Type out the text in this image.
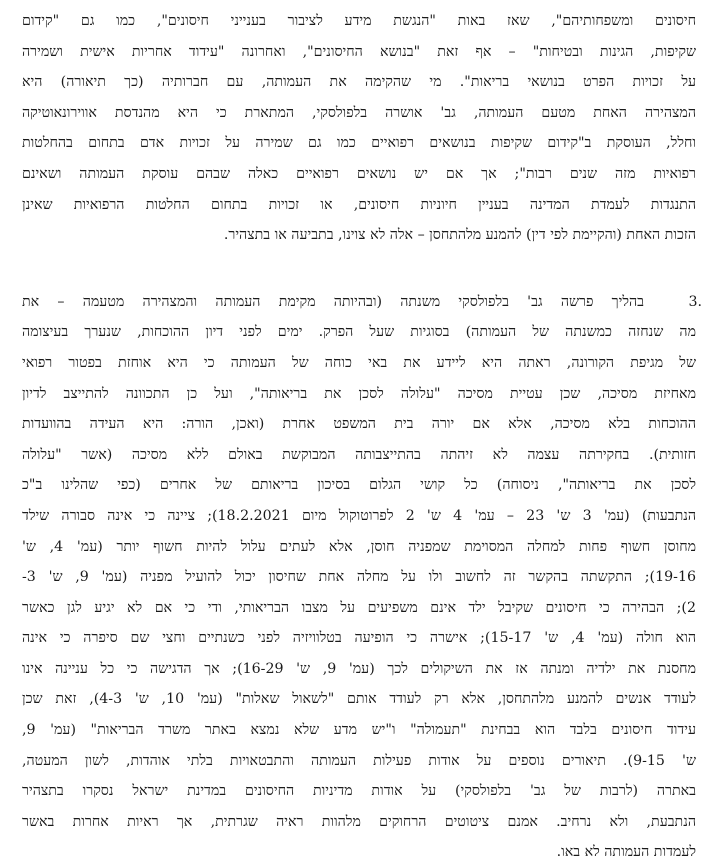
חיסונים ומשפחותיהם", שאז באות "הנגשת מידע לציבור בענייני חיסונים", כמו גם "קידום
שקיפות, הגינות ובטיחות" – אף זאת "בנושא החיסונים", ואחרונה "עידוד אחריות אישית ושמירה
על זכויות הפרט בנושאי בריאות". מי שהקימה את העמותה, עם חברותיה (כך תיאורה) היא
המצהירה האחת מטעם העמותה, גב' אושרה בלפולסקי, המתארת כי היא מהנדסת אווירונאוטיקה
וחלל, העוסקת ב"קידום שקיפות בנושאים רפואיים כמו גם שמירה על זכויות אדם בתחום בהחלטות
רפואיות מזה שנים רבות"; אך אם יש נושאים רפואיים כאלה שבהם עוסקת העמותה ושאינם
התנגדות לעמדת המדינה בעניין חיוניות חיסונים, או זכויות בתחום החלטות הרפואיות שאינן
הזכות האחת (והקיימת לפי דין) להמנע מלהתחסן – אלה לא צוינו, בתביעה או בתצהיר.
3.
בהליך פרשה גב' בלפולסקי משנתה (ובהיותה מקימת העמותה והמצהירה מטעמה – את
מה שנחזה כמשנתה של העמותה) בסוגיות שעל הפרק. ימים לפני דיון ההוכחות, שנערך בעיצומה
של מגיפת הקורונה, ראתה היא ליידע את באי כוחה של העמותה כי היא אוחזת בפטור רפואי
מאחיזת מסיכה, שכן עטיית מסיכה "עלולה לסכן את בריאותה", ועל כן התכוונה להתייצב לדיון
ההוכחות בלא מסיכה, אלא אם יורה בית המשפט אחרת (ואכן, הורה: היא העידה בהוועדות
חזותית). בחקירתה עצמה לא זיהתה בהתייצבותה המבוקשת באולם ללא מסיכה (אשר "עלולה
לסכן את בריאותה", ניסוחה) כל קושי הגלום בסיכון בריאותם של אחרים (כפי שהלינו ב"כ
הנתבעות) (עמ' 3 ש' 23 – עמ' 4 ש' 2 לפרוטוקול מיום 18.2.2021); ציינה כי אינה סבורה שילד
מחוסן חשוף פחות למחלה המסוימת שמפניה חוסן, אלא לעתים עלול להיות חשוף יותר (עמ' 4, ש'
19-16); התקשתה בהקשר זה לחשוב ולו על מחלה אחת שחיסון יכול להועיל מפניה (עמ' 9, ש' 3-
2); הבהירה כי חיסונים שקיבל ילד אינם משפיעים על מצבו הבריאותי, ודי כי אם לא יגיע לגן כאשר
הוא חולה (עמ' 4, ש' 15-17); אישרה כי הופיעה בטלוויזיה לפני כשנתיים וחצי שם סיפרה כי אינה
מחסנת את ילדיה ומנתה אז את השיקולים לכך (עמ' 9, ש' 16-29); אך הדגישה כי כל עניינה אינו
לעודד אנשים להמנע מלהתחסן, אלא רק לעודד אותם "לשאול שאלות" (עמ' 10, ש' 4-3), זאת שכן
עידוד חיסונים בלבד הוא בבחינת "תעמולה" ו"יש מדע שלא נמצא באתר משרד הבריאות" (עמ' 9,
ש' 9-15). תיאורים נוספים על אודות פעילות העמותה והתבטאויות בלתי אוהדות, לשון המעטה,
באתרה (לרבות של גב' בלפולסקי) על אודות מדיניות החיסונים במדינת ישראל נסקרו בתצהיר
הנתבעת, ולא נרחיב. אמנם ציטוטים הרחוקים מלהוות ראיה שגרתית, אך ראיות אחרות באשר
לעמדות העמותה לא באו.
